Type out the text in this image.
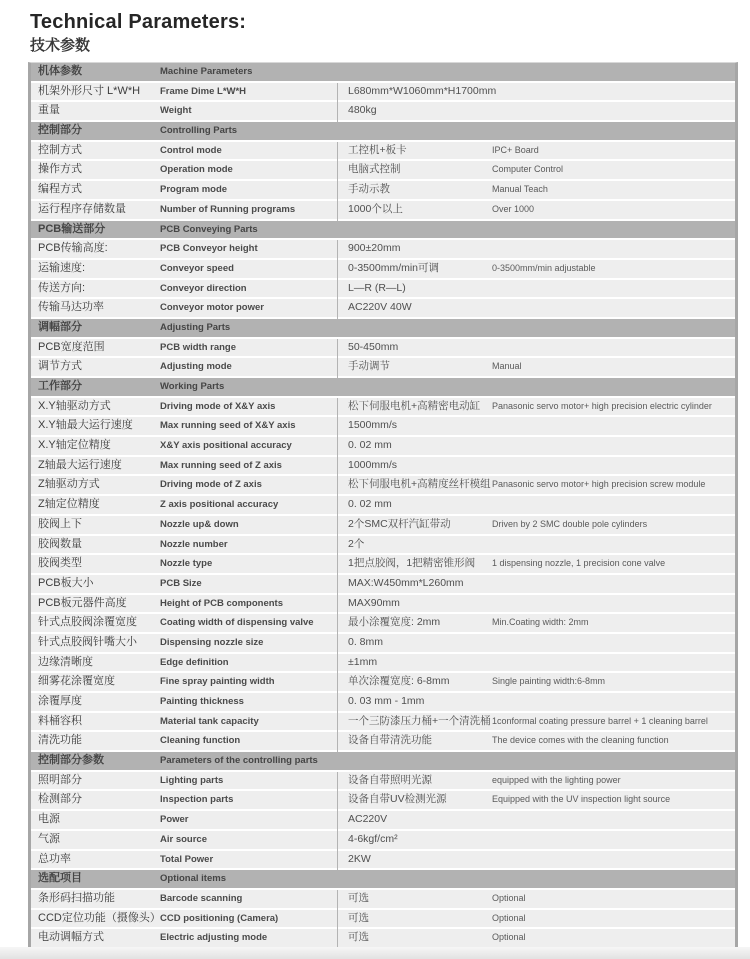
Technical Parameters:
技术参数
机体参数	Machine Parameters
机架外形尺寸 L*W*H Frame Dime L*W*H	L680mm*W1060mm*H1700mm
重量	Weight	480kg
控制部分	Controlling Parts
控制方式	Control mode	工控机+板卡	IPC+ Board
操作方式	Operation mode	电脑式控制	Computer Control
编程方式	Program mode	手动示教	Manual Teach
运行程序存储数量	Number of Running programs	1000个以上	Over 1000
PCB输送部分	PCB Conveying Parts
PCB传输高度:	PCB Conveyor height	900±20mm
运输速度:	Conveyor speed	0-3500mm/min可调	0-3500mm/min adjustable
传送方向:	Conveyor direction	L—R (R—L)
传输马达功率	Conveyor motor power	AC220V 40W
调幅部分	Adjusting Parts
PCB宽度范围	PCB width range	50-450mm
调节方式	Adjusting mode	手动调节	Manual
工作部分	Working Parts
X.Y轴驱动方式	Driving mode of X&Y axis	松下伺服电机+高精密电动缸 Panasonic servo motor+ high precision electric cylinder
X.Y轴最大运行速度	Max running seed of X&Y axis	1500mm/s
X.Y轴定位精度	X&Y axis positional accuracy	0. 02 mm
Z轴最大运行速度	Max running seed of Z axis	1000mm/s
Z轴驱动方式	Driving mode of Z axis	松下伺服电机+高精度丝杆模组 Panasonic servo motor+ high precision screw module
Z轴定位精度	Z axis positional accuracy	0. 02 mm
胶阀上下	Nozzle up& down	2个SMC双杆汽缸带动	Driven by 2 SMC double pole cylinders
胶阀数量	Nozzle number	2个
胶阀类型	Nozzle type	1把点胶阀，1把精密锥形阀 1 dispensing nozzle, 1 precision cone valve
PCB板大小	PCB Size	MAX:W450mm*L260mm
PCB板元器件高度	Height of PCB components	MAX90mm
针式点胶阀涂覆宽度 Coating width of dispensing valve	最小涂覆宽度: 2mm	Min.Coating width: 2mm
针式点胶阀针嘴大小 Dispensing nozzle size	0. 8mm
边缘清晰度	Edge definition	±1mm
细雾花涂覆宽度	Fine spray painting width	单次涂覆宽度: 6-8mm	Single painting width:6-8mm
涂覆厚度	Painting thickness	0. 03 mm - 1mm
料桶容积	Material tank capacity	一个三防漆压力桶+一个清洗桶 1conformal coating pressure barrel + 1 cleaning barrel
清洗功能	Cleaning function	设备自带清洗功能	The device comes with the cleaning function
控制部分参数	Parameters of the controlling parts
照明部分	Lighting parts	设备自带照明光源	equipped with the lighting power
检测部分	Inspection parts	设备自带UV检测光源	Equipped with the UV inspection light source
电源	Power	AC220V
气源	Air source	4-6kgf/cm²
总功率	Total Power	2KW
选配项目	Optional items
条形码扫描功能	Barcode scanning	可选	Optional
CCD定位功能（摄像头） CCD positioning (Camera)	可选	Optional
电动调幅方式	Electric adjusting mode	可选	Optional
